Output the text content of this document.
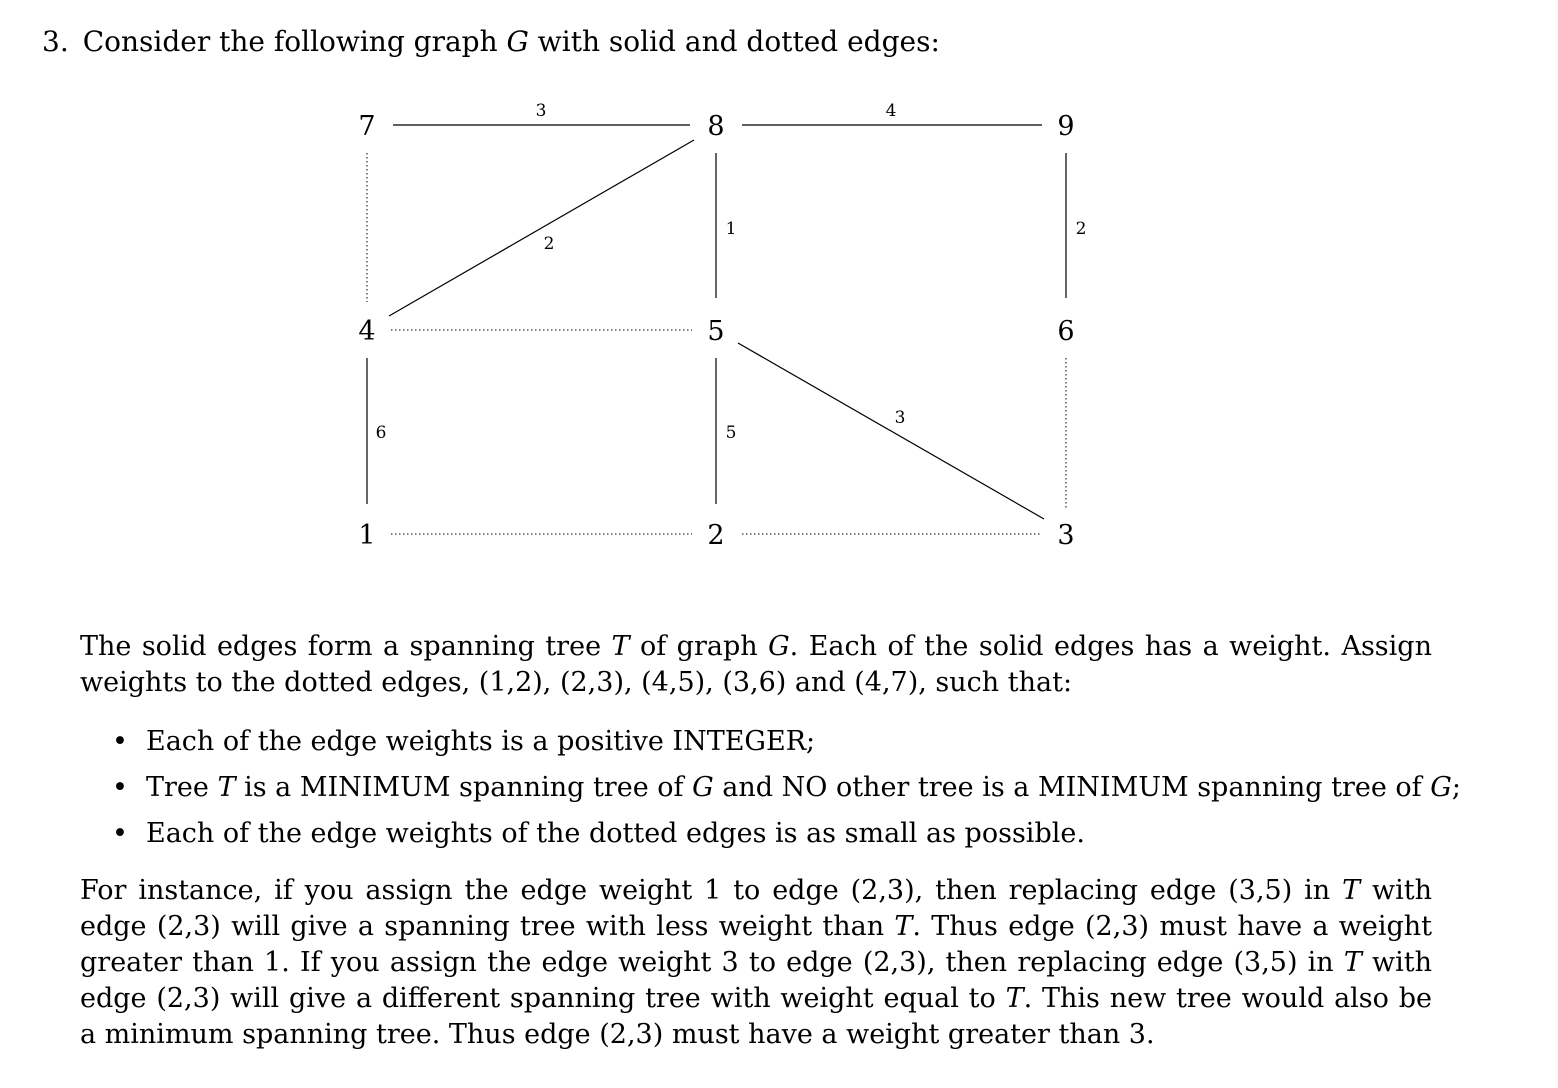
3. Consider the following graph G with solid and dotted edges:
7	8	9
4	5	6
1	2	3
3	4
1	2
2
3
6	5
The solid edges form a spanning tree T of graph G. Each of the solid edges has a weight. Assign weights to the dotted edges, (1,2), (2,3), (4,5), (3,6) and (4,7), such that:
• Each of the edge weights is a positive INTEGER;
• Tree T is a MINIMUM spanning tree of G and NO other tree is a MINIMUM spanning tree of G;
• Each of the edge weights of the dotted edges is as small as possible.
For instance, if you assign the edge weight 1 to edge (2,3), then replacing edge (3,5) in T with edge (2,3) will give a spanning tree with less weight than T. Thus edge (2,3) must have a weight greater than 1. If you assign the edge weight 3 to edge (2,3), then replacing edge (3,5) in T with edge (2,3) will give a different spanning tree with weight equal to T. This new tree would also be a minimum spanning tree. Thus edge (2,3) must have a weight greater than 3.
